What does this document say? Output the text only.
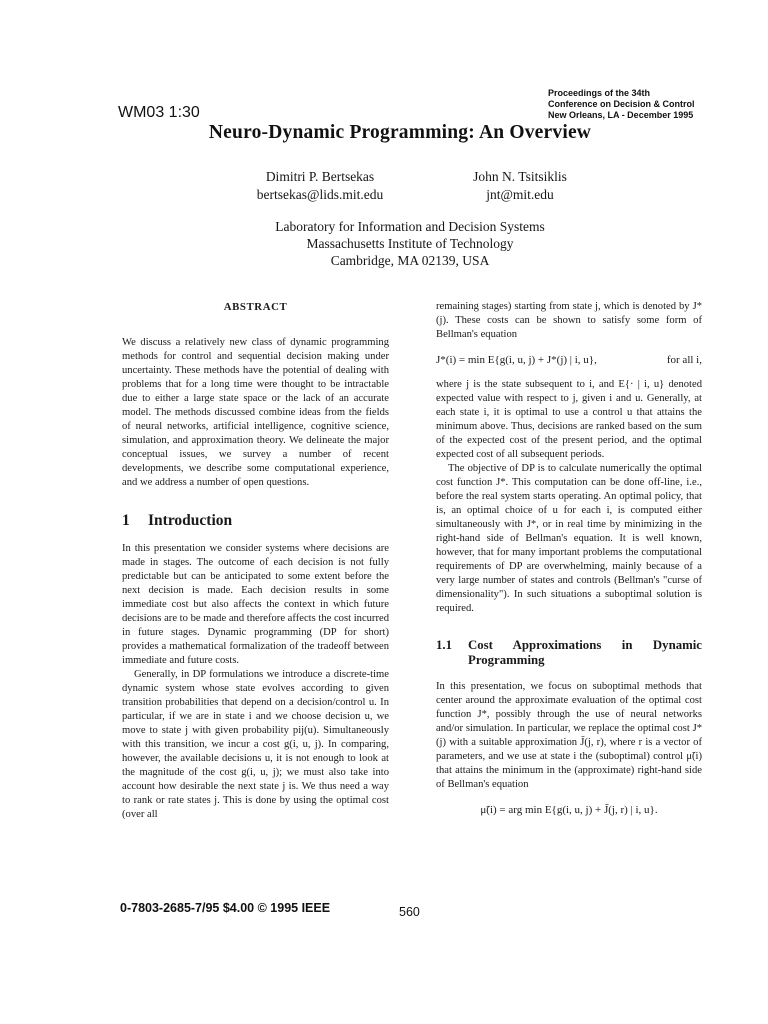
Proceedings of the 34th
Conference on Decision & Control
New Orleans, LA - December 1995
WM03 1:30
Neuro-Dynamic Programming: An Overview
Dimitri P. Bertsekas
bertsekas@lids.mit.edu
John N. Tsitsiklis
jnt@mit.edu
Laboratory for Information and Decision Systems
Massachusetts Institute of Technology
Cambridge, MA 02139, USA
ABSTRACT

We discuss a relatively new class of dynamic programming methods for control and sequential decision making under uncertainty. These methods have the potential of dealing with problems that for a long time were thought to be intractable due to either a large state space or the lack of an accurate model. The methods discussed combine ideas from the fields of neural networks, artificial intelligence, cognitive science, simulation, and approximation theory. We delineate the major conceptual issues, we survey a number of recent developments, we describe some computational experience, and we address a number of open questions.

1 Introduction

In this presentation we consider systems where decisions are made in stages. The outcome of each decision is not fully predictable but can be anticipated to some extent before the next decision is made. Each decision results in some immediate cost but also affects the context in which future decisions are to be made and therefore affects the cost incurred in future stages. Dynamic programming (DP for short) provides a mathematical formalization of the tradeoff between immediate and future costs.

Generally, in DP formulations we introduce a discrete-time dynamic system whose state evolves according to given transition probabilities that depend on a decision/control u. In particular, if we are in state i and we choose decision u, we move to state j with given probability pij(u). Simultaneously with this transition, we incur a cost g(i, u, j). In comparing, however, the available decisions u, it is not enough to look at the magnitude of the cost g(i, u, j); we must also take into account how desirable the next state j is. We thus need a way to rank or rate states j. This is done by using the optimal cost (over all

remaining stages) starting from state j, which is denoted by J*(j). These costs can be shown to satisfy some form of Bellman's equation

J*(i) = min E{g(i, u, j) + J*(j) | i, u},	for all i,

where j is the state subsequent to i, and E{· | i, u} denoted expected value with respect to j, given i and u. Generally, at each state i, it is optimal to use a control u that attains the minimum above. Thus, decisions are ranked based on the sum of the expected cost of the present period, and the optimal expected cost of all subsequent periods.

The objective of DP is to calculate numerically the optimal cost function J*. This computation can be done off-line, i.e., before the real system starts operating. An optimal policy, that is, an optimal choice of u for each i, is computed either simultaneously with J*, or in real time by minimizing in the right-hand side of Bellman's equation. It is well known, however, that for many important problems the computational requirements of DP are overwhelming, mainly because of a very large number of states and controls (Bellman's "curse of dimensionality"). In such situations a suboptimal solution is required.

1.1	Cost Approximations in Dynamic Programming

In this presentation, we focus on suboptimal methods that center around the approximate evaluation of the optimal cost function J*, possibly through the use of neural networks and/or simulation. In particular, we replace the optimal cost J*(j) with a suitable approximation J̃(j, r), where r is a vector of parameters, and we use at state i the (suboptimal) control μ̃(i) that attains the minimum in the (approximate) right-hand side of Bellman's equation

μ̃(i) = arg min E{g(i, u, j) + J̃(j, r) | i, u}.
0-7803-2685-7/95 $4.00 © 1995 IEEE	560
